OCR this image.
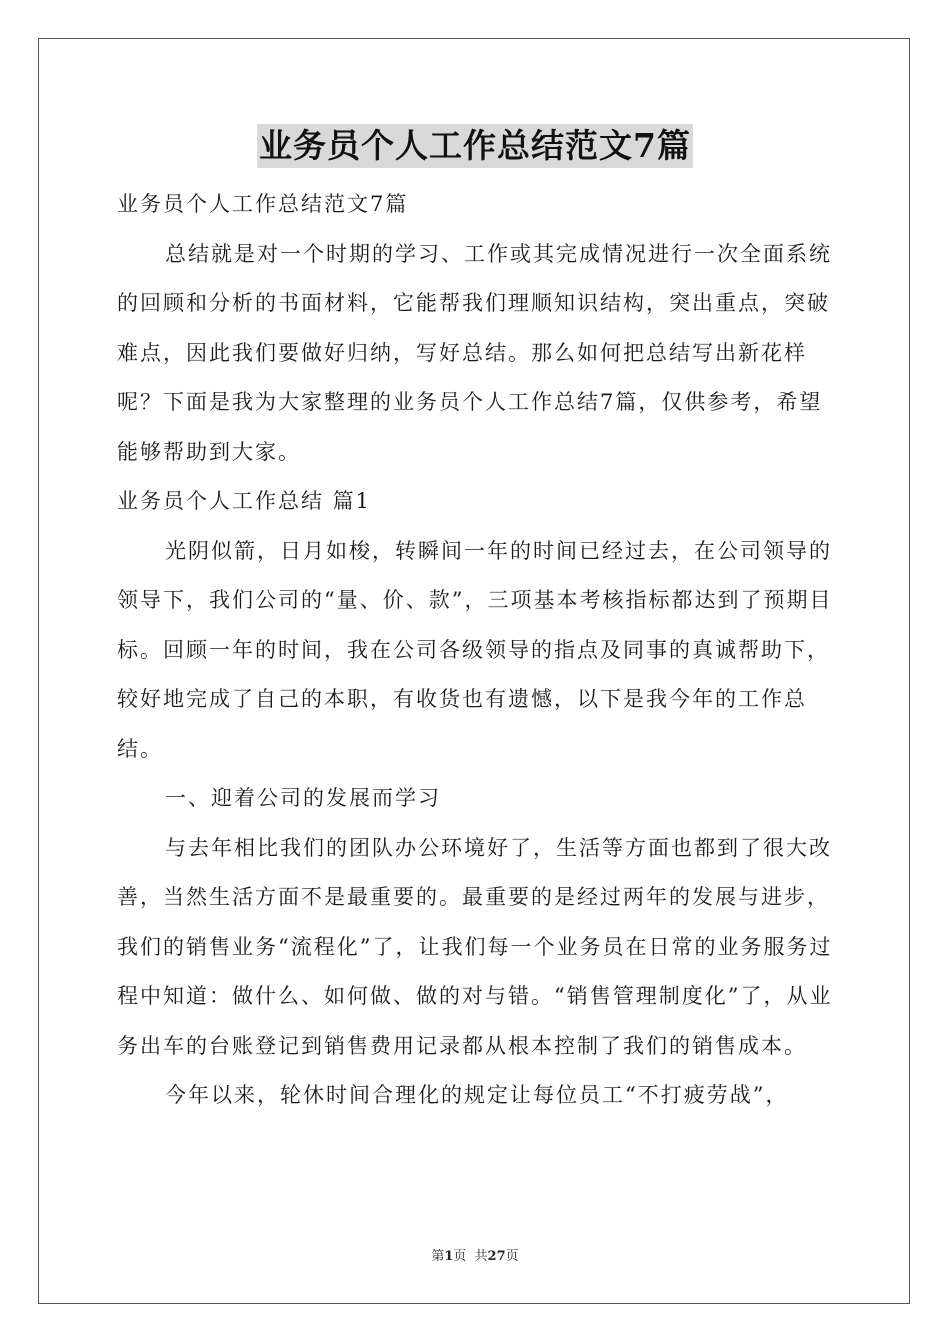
业务员个人工作总结范文7篇

业务员个人工作总结范文7篇

总结就是对一个时期的学习、工作或其完成情况进行一次全面系统的回顾和分析的书面材料，它能帮我们理顺知识结构，突出重点，突破难点，因此我们要做好归纳，写好总结。那么如何把总结写出新花样呢？下面是我为大家整理的业务员个人工作总结7篇，仅供参考，希望能够帮助到大家。

业务员个人工作总结 篇1

光阴似箭，日月如梭，转瞬间一年的时间已经过去，在公司领导的领导下，我们公司的“量、价、款”，三项基本考核指标都达到了预期目标。回顾一年的时间，我在公司各级领导的指点及同事的真诚帮助下，较好地完成了自己的本职，有收货也有遗憾，以下是我今年的工作总结。

一、迎着公司的发展而学习

与去年相比我们的团队办公环境好了，生活等方面也都到了很大改善，当然生活方面不是最重要的。最重要的是经过两年的发展与进步，我们的销售业务“流程化”了，让我们每一个业务员在日常的业务服务过程中知道：做什么、如何做、做的对与错。“销售管理制度化”了，从业务出车的台账登记到销售费用记录都从根本控制了我们的销售成本。

今年以来，轮休时间合理化的规定让每位员工“不打疲劳战”，

第1页 共27页
